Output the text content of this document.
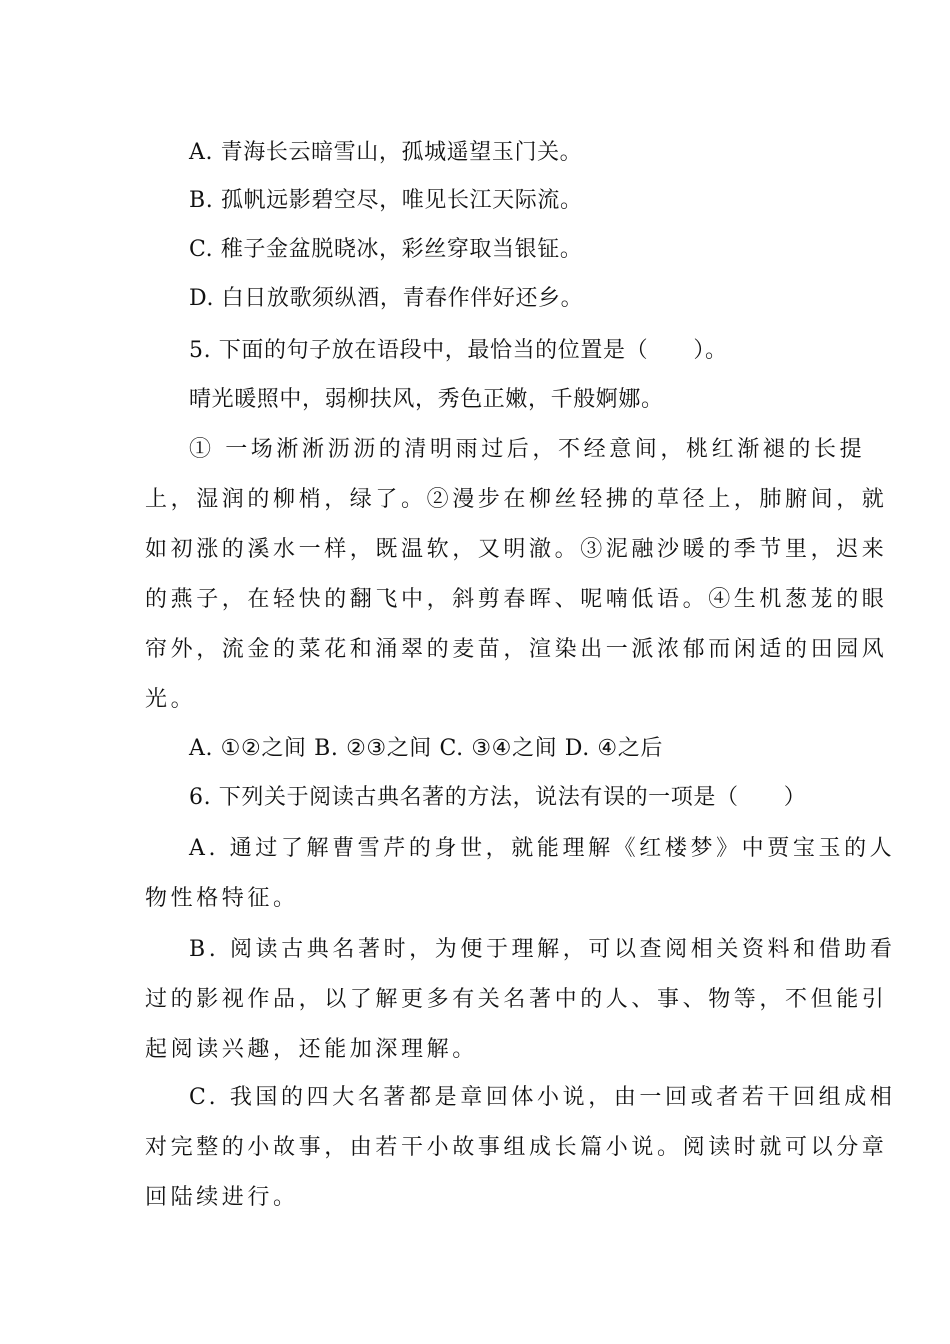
A. 青海长云暗雪山，孤城遥望玉门关。
B. 孤帆远影碧空尽，唯见长江天际流。
C. 稚子金盆脱晓冰，彩丝穿取当银钲。
D. 白日放歌须纵酒，青春作伴好还乡。
5. 下面的句子放在语段中，最恰当的位置是（　　）。
晴光暖照中，弱柳扶风，秀色正嫩，千般婀娜。
① 一场淅淅沥沥的清明雨过后，不经意间，桃红渐褪的长提
上，湿润的柳梢，绿了。②漫步在柳丝轻拂的草径上，肺腑间，就
如初涨的溪水一样，既温软，又明澈。③泥融沙暖的季节里，迟来
的燕子，在轻快的翻飞中，斜剪春晖、呢喃低语。④生机葱茏的眼
帘外，流金的菜花和涌翠的麦苗，渲染出一派浓郁而闲适的田园风
光。
A. ①②之间 B. ②③之间 C. ③④之间 D. ④之后
6. 下列关于阅读古典名著的方法，说法有误的一项是（　　）
A. 通过了解曹雪芹的身世，就能理解《红楼梦》中贾宝玉的人
物性格特征。
B. 阅读古典名著时，为便于理解，可以查阅相关资料和借助看
过的影视作品，以了解更多有关名著中的人、事、物等，不但能引
起阅读兴趣，还能加深理解。
C. 我国的四大名著都是章回体小说，由一回或者若干回组成相
对完整的小故事，由若干小故事组成长篇小说。阅读时就可以分章
回陆续进行。
